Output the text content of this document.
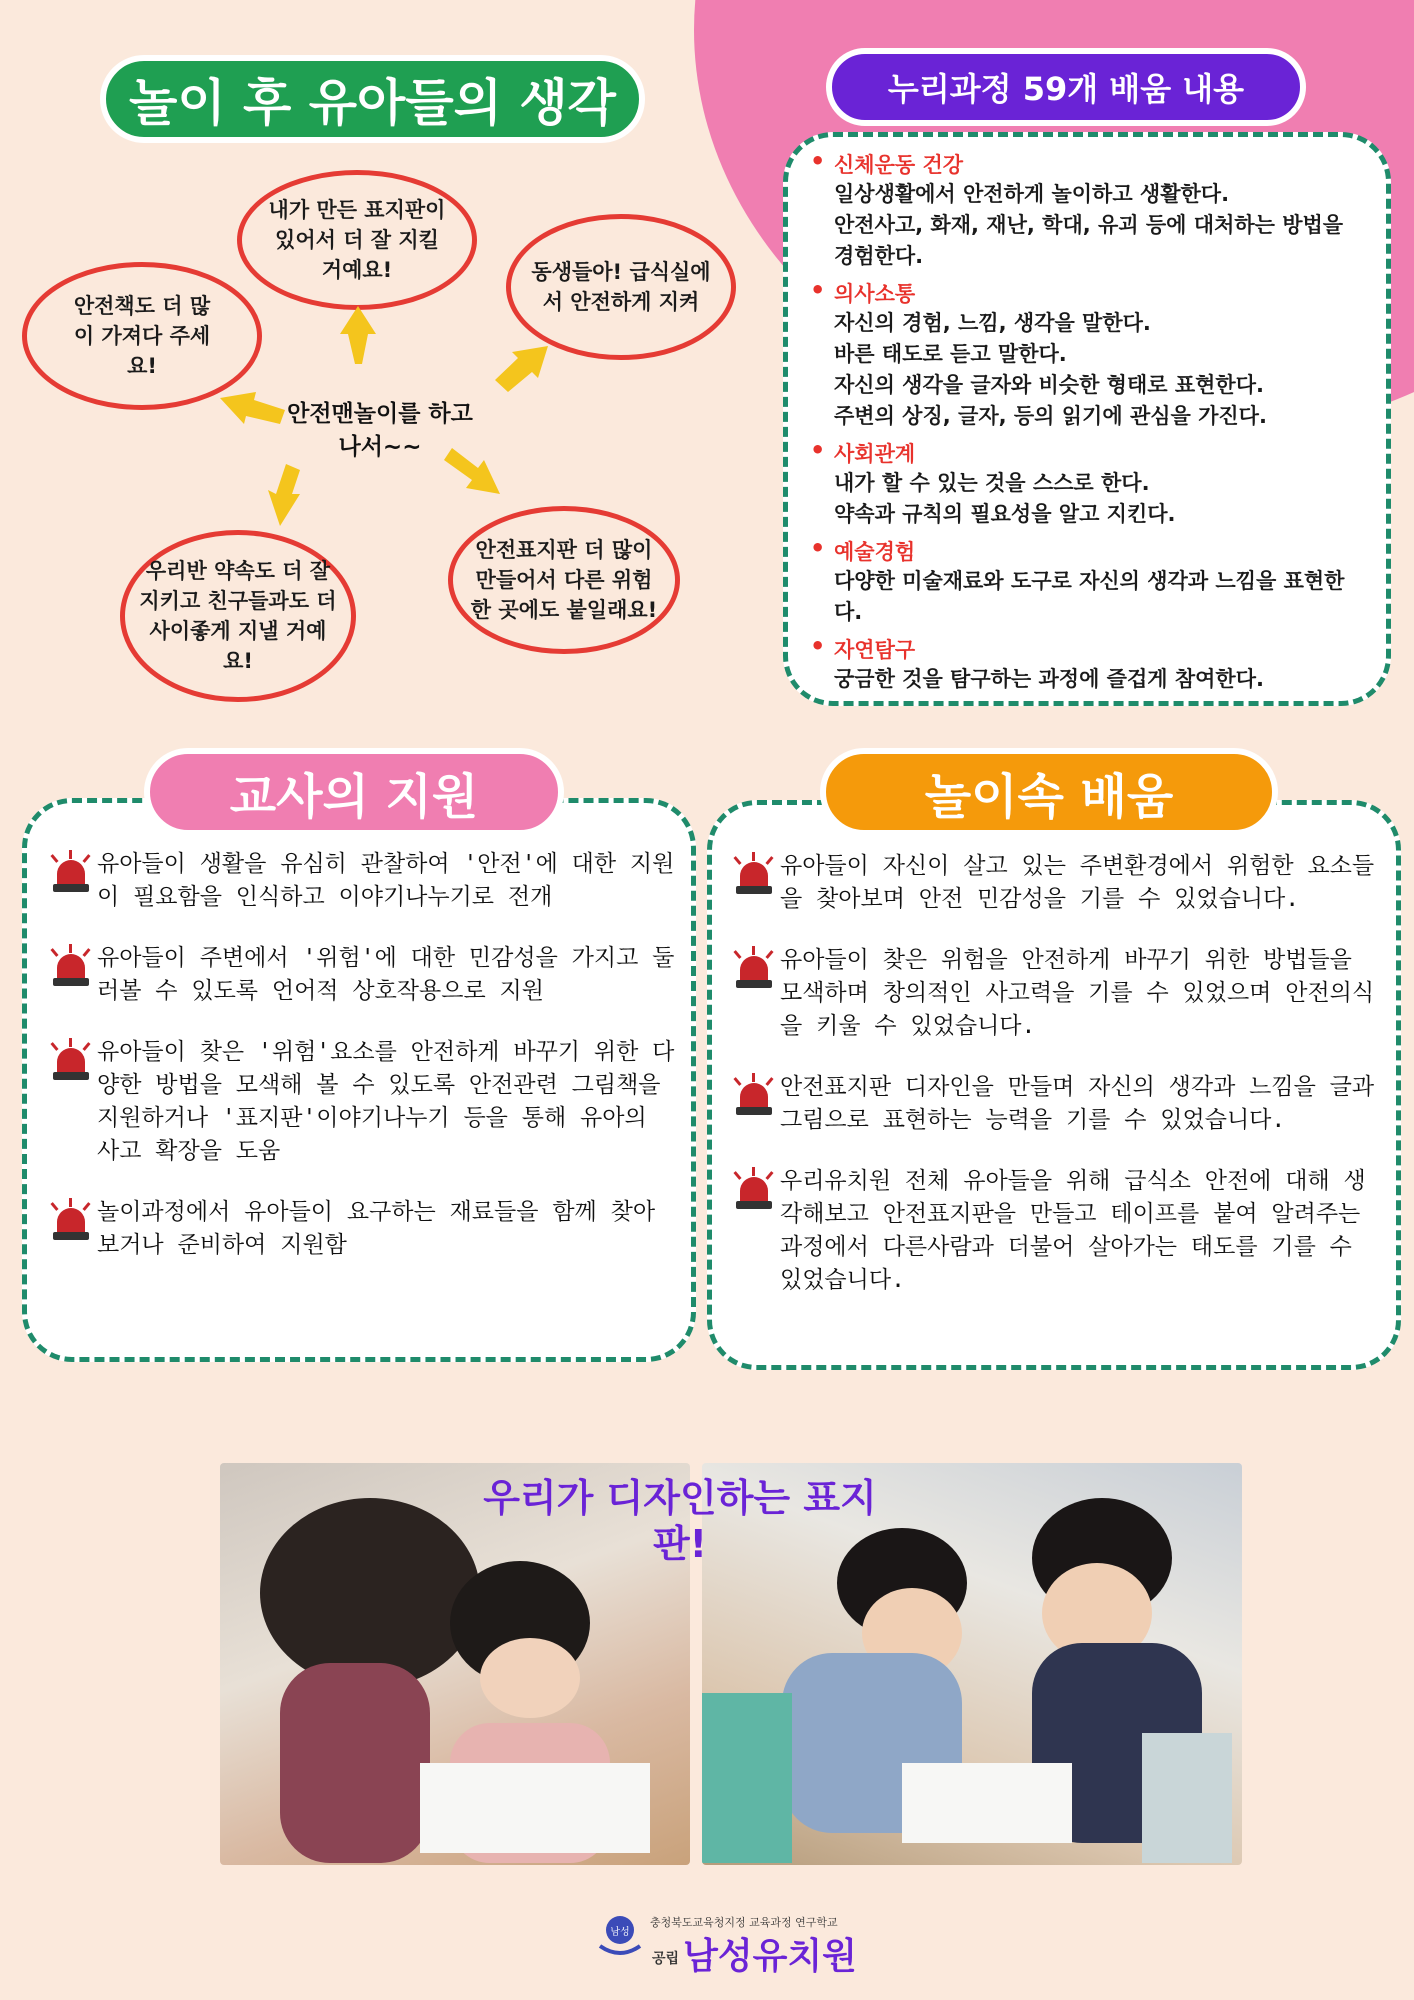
놀이 후 유아들의 생각
안전책도 더 많이 가져다 주세요!
내가 만든 표지판이 있어서 더 잘 지킬거예요!	동생들아! 급식실에서 안전하게 지켜
우리반 약속도 더 잘 지키고 친구들과도 더 사이좋게 지낼 거예요!
안전표지판 더 많이 만들어서 다른 위험한 곳에도 붙일래요!
안전맨놀이를 하고나서~~
• 신체운동 건강
일상생활에서 안전하게 놀이하고 생활한다.
안전사고, 화재, 재난, 학대, 유괴 등에 대처하는 방법을 경험한다.
• 의사소통
자신의 경험, 느낌, 생각을 말한다.
바른 태도로 듣고 말한다.
자신의 생각을 글자와 비슷한 형태로 표현한다.
주변의 상징, 글자, 등의 읽기에 관심을 가진다.
• 사회관계
내가 할 수 있는 것을 스스로 한다.
약속과 규칙의 필요성을 알고 지킨다.
• 예술경험
다양한 미술재료와 도구로 자신의 생각과 느낌을 표현한다.
• 자연탐구
궁금한 것을 탐구하는 과정에 즐겁게 참여한다.
누리과정 59개 배움 내용
유아들이 생활을 유심히 관찰하여 '안전'에 대한 지원이 필요함을 인식하고 이야기나누기로 전개
유아들이 주변에서 '위험'에 대한 민감성을 가지고 둘러볼 수 있도록 언어적 상호작용으로 지원
유아들이 찾은 '위험'요소를 안전하게 바꾸기 위한 다양한 방법을 모색해 볼 수 있도록 안전관련 그림책을 지원하거나 '표지판'이야기나누기 등을 통해 유아의 사고 확장을 도움
놀이과정에서 유아들이 요구하는 재료들을 함께 찾아보거나 준비하여 지원함
교사의 지원
유아들이 자신이 살고 있는 주변환경에서 위험한 요소들을 찾아보며 안전 민감성을 기를 수 있었습니다.
유아들이 찾은 위험을 안전하게 바꾸기 위한 방법들을 모색하며 창의적인 사고력을 기를 수 있었으며 안전의식을 키울 수 있었습니다.
안전표지판 디자인을 만들며 자신의 생각과 느낌을 글과 그림으로 표현하는 능력을 기를 수 있었습니다.
우리유치원 전체 유아들을 위해 급식소 안전에 대해 생각해보고 안전표지판을 만들고 테이프를 붙여 알려주는 과정에서 다른사람과 더불어 살아가는 태도를 기를 수 있었습니다.
놀이속 배움
우리가 디자인하는 표지판!
남성
충청북도교육청지정 교육과정 연구학교
공립 남성유치원
